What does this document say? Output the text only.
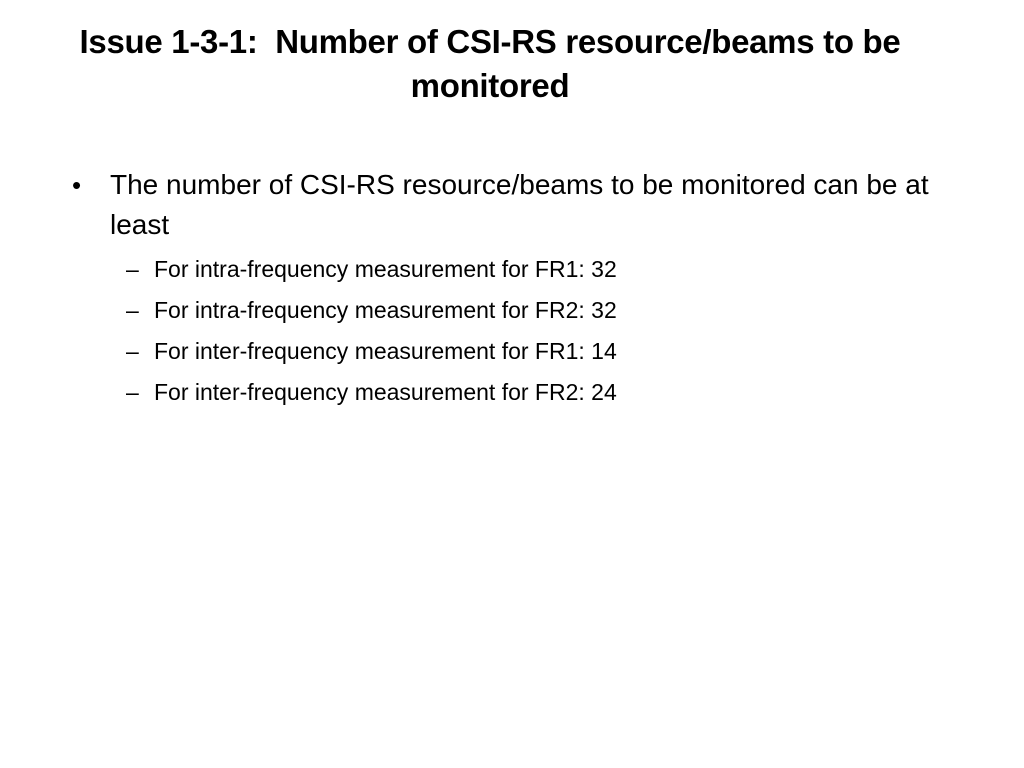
Issue 1-3-1:  Number of CSI-RS resource/beams to be monitored
• The number of CSI-RS resource/beams to be monitored can be at least
– For intra-frequency measurement for FR1: 32
– For intra-frequency measurement for FR2: 32
– For inter-frequency measurement for FR1: 14
– For inter-frequency measurement for FR2: 24
